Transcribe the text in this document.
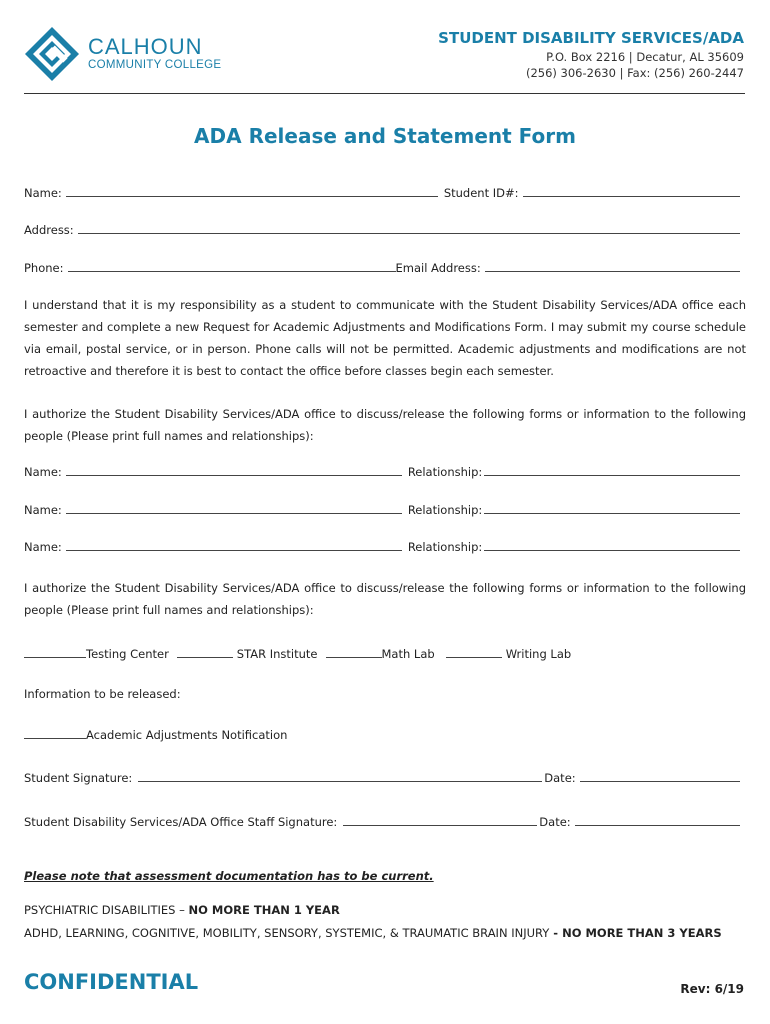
CALHOUN
COMMUNITY COLLEGE
STUDENT DISABILITY SERVICES/ADA
P.O. Box 2216 | Decatur, AL 35609
(256) 306-2630 | Fax: (256) 260-2447
ADA Release and Statement Form
Name:	Student ID#:
Address:
Phone:	Email Address:
I understand that it is my responsibility as a student to communicate with the Student Disability Services/ADA office each semester and complete a new Request for Academic Adjustments and Modifications Form. I may submit my course schedule via email, postal service, or in person. Phone calls will not be permitted. Academic adjustments and modifications are not retroactive and therefore it is best to contact the office before classes begin each semester.
I authorize the Student Disability Services/ADA office to discuss/release the following forms or information to the following people (Please print full names and relationships):
Name:	Relationship:
Name:	Relationship:
Name:	Relationship:
I authorize the Student Disability Services/ADA office to discuss/release the following forms or information to the following people (Please print full names and relationships):
Testing Center	STAR Institute	Math Lab	Writing Lab
Information to be released:
Academic Adjustments Notification
Student Signature:	Date:
Student Disability Services/ADA Office Staff Signature:	Date:
Please note that assessment documentation has to be current.
PSYCHIATRIC DISABILITIES – NO MORE THAN 1 YEAR
ADHD, LEARNING, COGNITIVE, MOBILITY, SENSORY, SYSTEMIC, & TRAUMATIC BRAIN INJURY - NO MORE THAN 3 YEARS
CONFIDENTIAL	Rev: 6/19
